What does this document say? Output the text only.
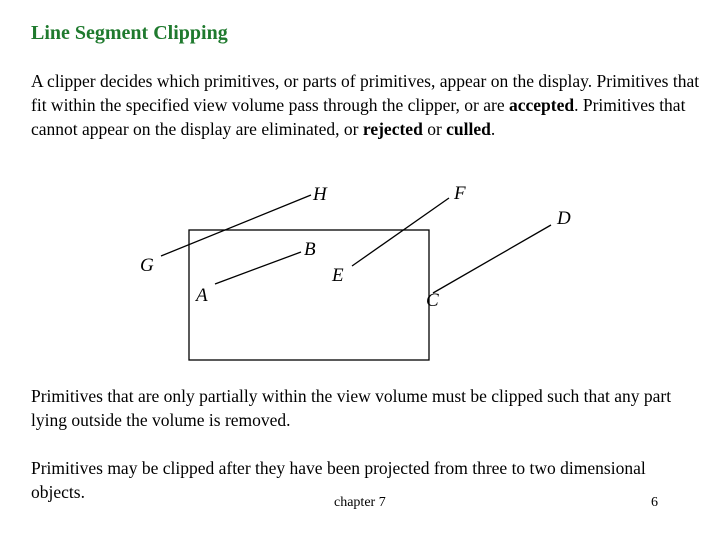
Line Segment Clipping
A clipper decides which primitives, or parts of primitives, appear on the display. Primitives that fit within the specified view volume pass through the clipper, or are accepted. Primitives that cannot appear on the display are eliminated, or rejected or culled.
H	F
D
G
B
E
A	C
Primitives that are only partially within the view volume must be clipped such that any part lying outside the volume is removed.
Primitives may be clipped after they have been projected from three to two dimensional objects.
chapter 7	6
